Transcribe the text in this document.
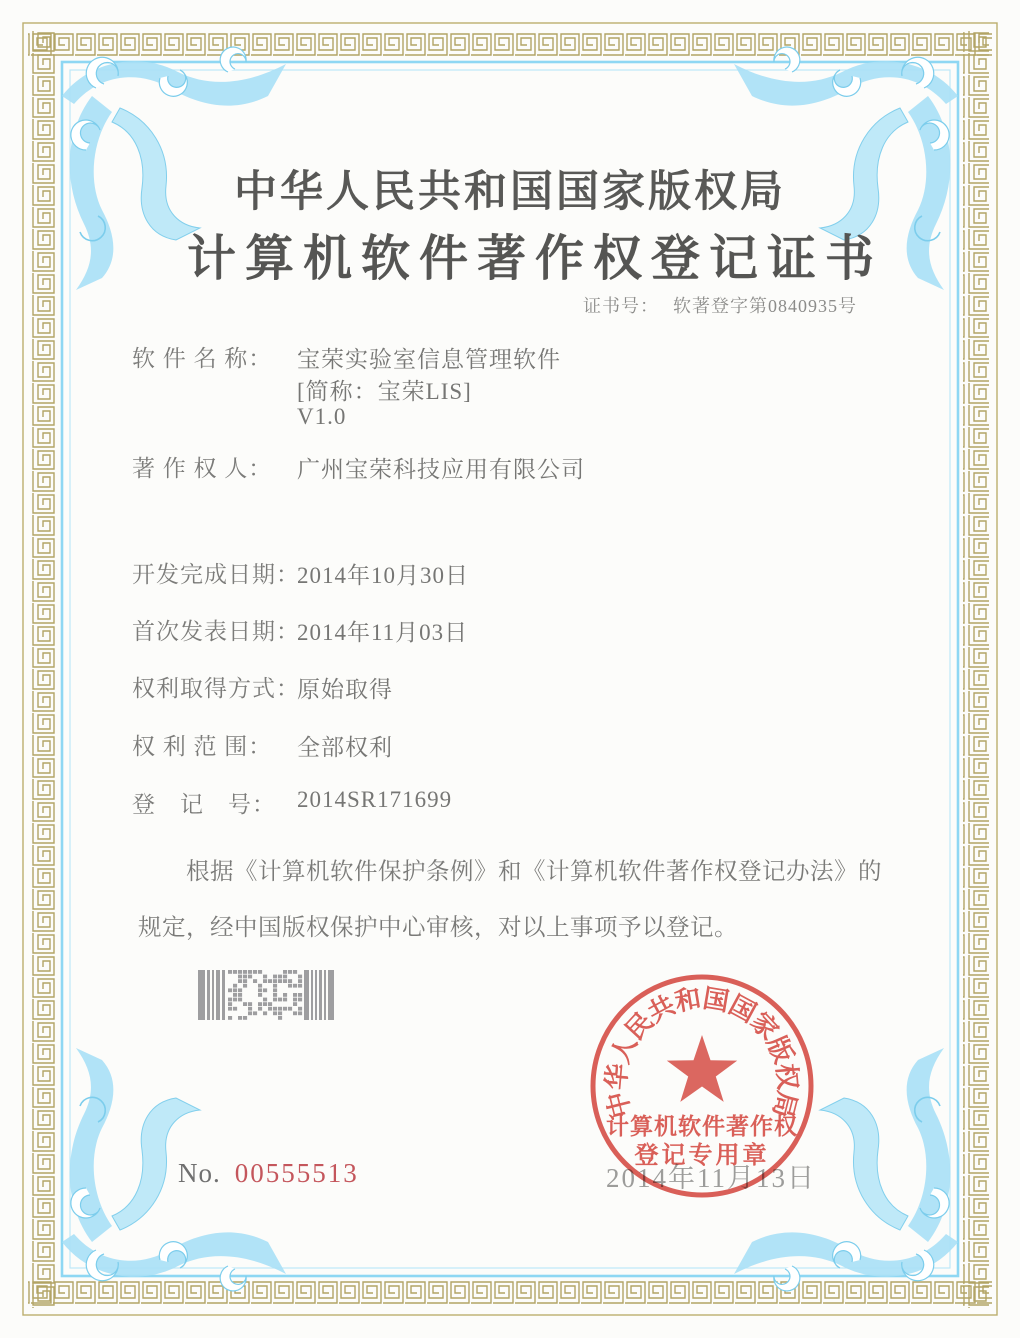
中华人民共和国国家版权局
计算机软件著作权登记证书
证书号： 软著登字第0840935号
软 件 名 称： 宝荣实验室信息管理软件
[简称：宝荣LIS]
V1.0
著 作 权 人： 广州宝荣科技应用有限公司
开发完成日期：
2014年10月30日
首次发表日期：
2014年11月03日
权利取得方式：
原始取得
权 利 范 围： 全部权利
登　记　号： 2014SR171699
根据《计算机软件保护条例》和《计算机软件著作权登记办法》的
规定，经中国版权保护中心审核，对以上事项予以登记。
2014年11月13日
No. 00555513
中
华
人
民
共
和
国
国
家
版
权
局
计算机软件著作权
登记专用章
